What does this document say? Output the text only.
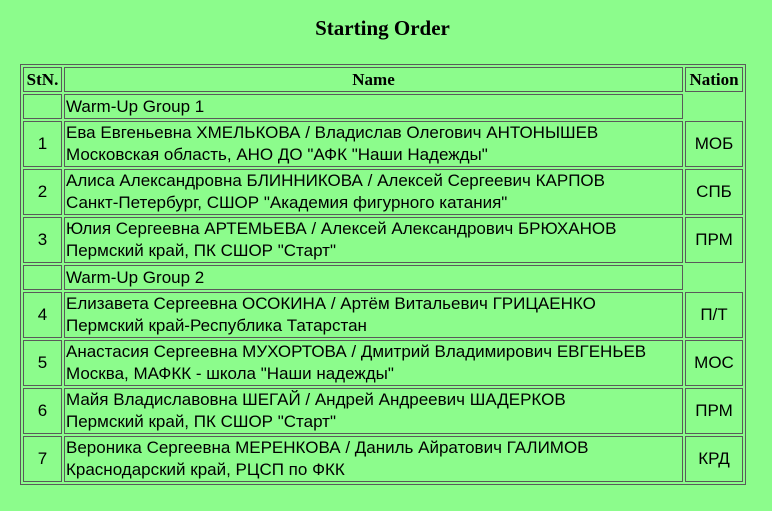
Starting Order
StN.	Name	Nation
	Warm-Up Group 1	
1	Ева Евгеньевна ХМЕЛЬКОВА / Владислав Олегович АНТОНЫШЕВ
Московская область, АНО ДО "АФК "Наши Надежды"	МОБ
2	Алиса Александровна БЛИННИКОВА / Алексей Сергеевич КАРПОВ
Санкт-Петербург, СШОР "Академия фигурного катания"	СПБ
3	Юлия Сергеевна АРТЕМЬЕВА / Алексей Александрович БРЮХАНОВ
Пермский край, ПК СШОР "Старт"	ПРМ
	Warm-Up Group 2	
4	Елизавета Сергеевна ОСОКИНА / Артём Витальевич ГРИЦАЕНКО
Пермский край-Республика Татарстан	П/Т
5	Анастасия Сергеевна МУХОРТОВА / Дмитрий Владимирович ЕВГЕНЬЕВ
Москва, МАФКК - школа "Наши надежды"	МОС
6	Майя Владиславовна ШЕГАЙ / Андрей Андреевич ШАДЕРКОВ
Пермский край, ПК СШОР "Старт"	ПРМ
7	Вероника Сергеевна МЕРЕНКОВА / Даниль Айратович ГАЛИМОВ
Краснодарский край, РЦСП по ФКК	КРД
